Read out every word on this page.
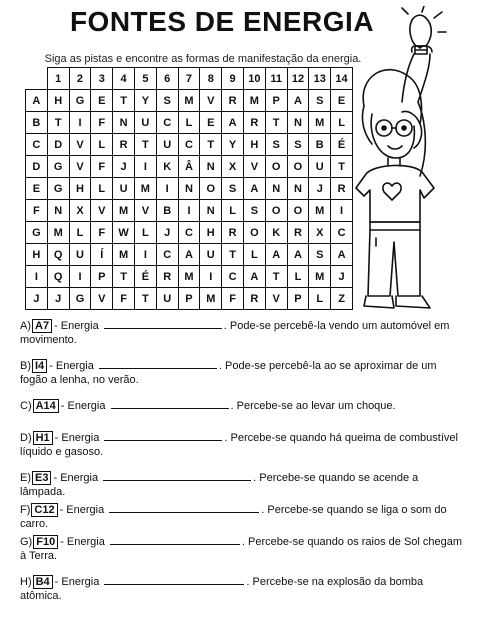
FONTES DE ENERGIA
Siga as pistas e encontre as formas de manifestação da energia.
	1	2	3	4	5	6	7	8	9	10	11	12	13	14
A	H	G	E	T	Y	S	M	V	R	M	P	A	S	E
B	T	I	F	N	U	C	L	E	A	R	T	N	M	L
C	D	V	L	R	T	U	C	T	Y	H	S	S	B	É
D	G	V	F	J	I	K	Â	N	X	V	O	O	U	T
E	G	H	L	U	M	I	N	O	S	A	N	N	J	R
F	N	X	V	M	V	B	I	N	L	S	O	O	M	I
G	M	L	F	W	L	J	C	H	R	O	K	R	X	C
H	Q	U	Í	M	I	C	A	U	T	L	A	A	S	A
I	Q	I	P	T	É	R	M	I	C	A	T	L	M	J
J	J	G	V	F	T	U	P	M	F	R	V	P	L	Z
A) A7 - Energia	. Pode-se percebê-la vendo um automóvel em movimento.
B) I4 - Energia	. Pode-se percebê-la ao se aproximar de um fogão a lenha, no verão.
C) A14 - Energia	. Percebe-se ao levar um choque.
D) H1 - Energia	. Percebe-se quando há queima de combustível líquido e gasoso.
E) E3 - Energia	. Percebe-se quando se acende a lâmpada.
F) C12 - Energia	. Percebe-se quando se liga o som do carro.
G) F10 - Energia	. Percebe-se quando os raios de Sol chegam à Terra.
H) B4 - Energia	. Percebe-se na explosão da bomba atômica.
